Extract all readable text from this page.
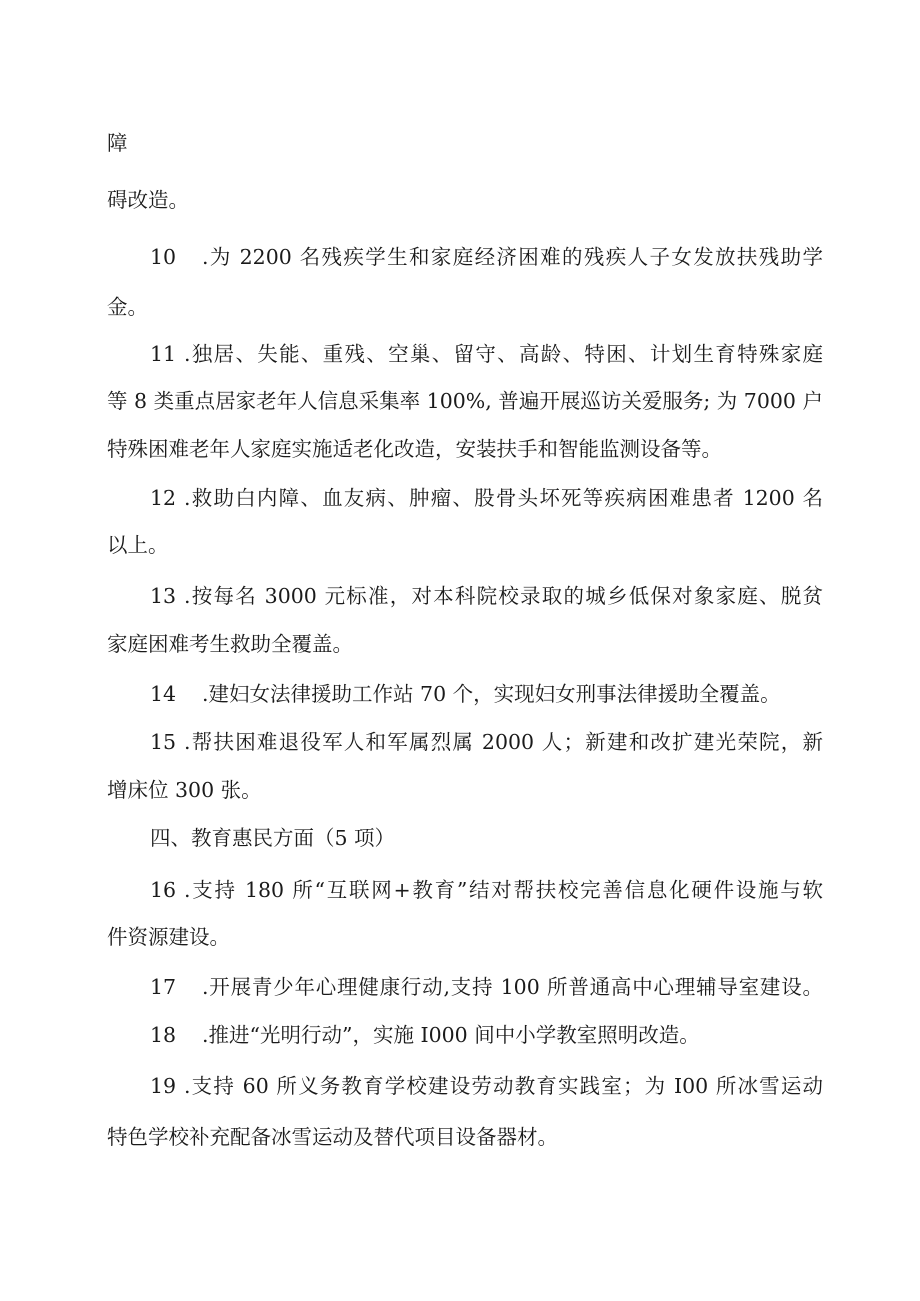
障
碍改造。
10 .为 2200 名残疾学生和家庭经济困难的残疾人子女发放扶残助学
金。
11 .独居、失能、重残、空巢、留守、高龄、特困、计划生育特殊家庭
等 8 类重点居家老年人信息采集率 100%, 普遍开展巡访关爱服务; 为 7000 户
特殊困难老年人家庭实施适老化改造，安装扶手和智能监测设备等。
12 .救助白内障、血友病、肿瘤、股骨头坏死等疾病困难患者 1200 名
以上。
13 .按每名 3000 元标准，对本科院校录取的城乡低保对象家庭、脱贫
家庭困难考生救助全覆盖。
14 .建妇女法律援助工作站 70 个，实现妇女刑事法律援助全覆盖。
15 .帮扶困难退役军人和军属烈属 2000 人；新建和改扩建光荣院，新
增床位 300 张。
四、教育惠民方面（5 项）
16 .支持 180 所“互联网+教育”结对帮扶校完善信息化硬件设施与软
件资源建设。
17 .开展青少年心理健康行动,支持 100 所普通高中心理辅导室建设。
18 .推进“光明行动”，实施 I000 间中小学教室照明改造。
19 .支持 60 所义务教育学校建设劳动教育实践室；为 I00 所冰雪运动
特色学校补充配备冰雪运动及替代项目设备器材。
